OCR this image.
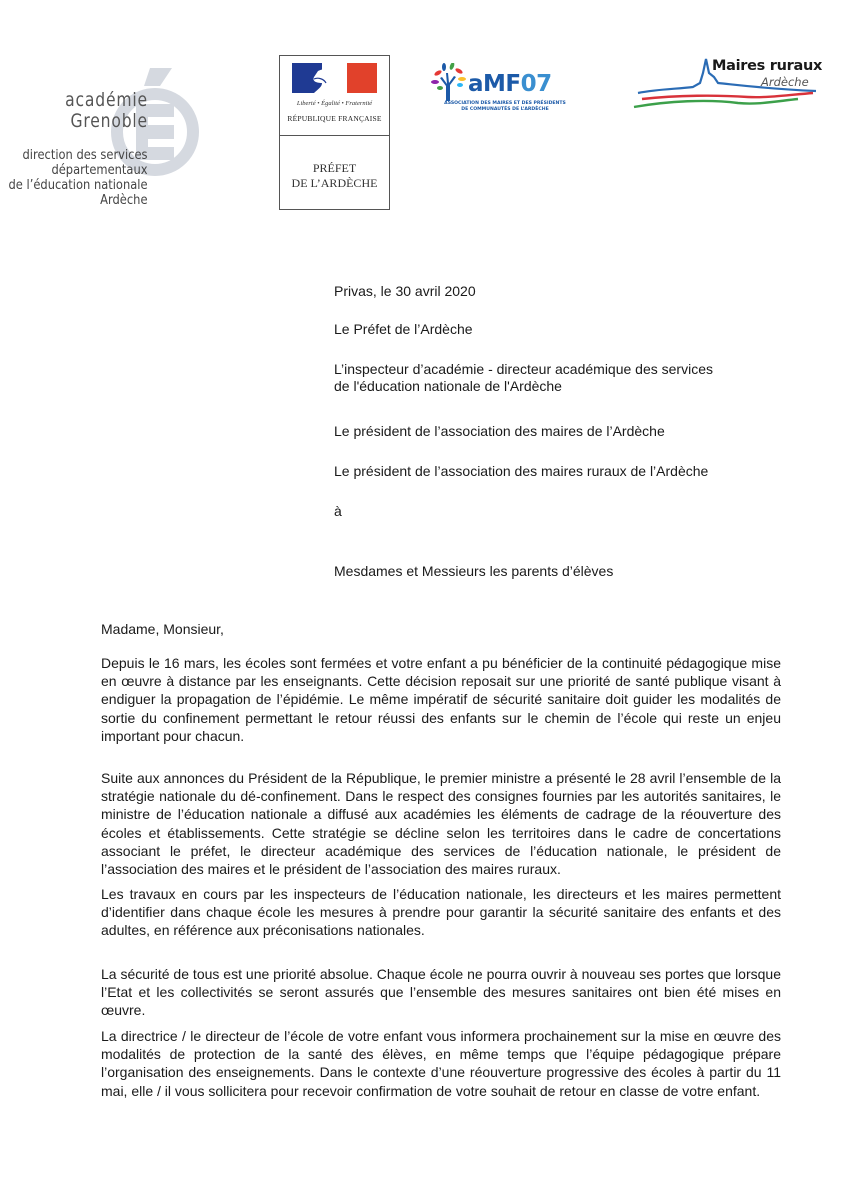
académie
Grenoble
direction des services
départementaux
de l’éducation nationale
Ardèche
Liberté • Égalité • Fraternité
RÉPUBLIQUE FRANÇAISE
PRÉFET
DE L’ARDÈCHE
aMF07
ASSOCIATION DES MAIRES ET DES PRÉSIDENTS
DE COMMUNAUTÉS DE L’ARDÈCHE
Maires ruraux
Ardèche

Privas, le 30 avril 2020

Le Préfet de l’Ardèche

L’inspecteur d’académie - directeur académique des services de l'éducation nationale de l'Ardèche

Le président de l’association des maires de l’Ardèche

Le président de l’association des maires ruraux de l’Ardèche

à

Mesdames et Messieurs les parents d’élèves

Madame, Monsieur,

Depuis le 16 mars, les écoles sont fermées et votre enfant a pu bénéficier de la continuité pédagogique mise en œuvre à distance par les enseignants. Cette décision reposait sur une priorité de santé publique visant à endiguer la propagation de l’épidémie. Le même impératif de sécurité sanitaire doit guider les modalités de sortie du confinement permettant le retour réussi des enfants sur le chemin de l’école qui reste un enjeu important pour chacun.

Suite aux annonces du Président de la République, le premier ministre a présenté le 28 avril l’ensemble de la stratégie nationale du dé-confinement. Dans le respect des consignes fournies par les autorités sanitaires, le ministre de l’éducation nationale a diffusé aux académies les éléments de cadrage de la réouverture des écoles et établissements. Cette stratégie se décline selon les territoires dans le cadre de concertations associant le préfet, le directeur académique des services de l’éducation nationale, le président de l’association des maires et le président de l’association des maires ruraux.

Les travaux en cours par les inspecteurs de l’éducation nationale, les directeurs et les maires permettent d’identifier dans chaque école les mesures à prendre pour garantir la sécurité sanitaire des enfants et des adultes, en référence aux préconisations nationales.

La sécurité de tous est une priorité absolue. Chaque école ne pourra ouvrir à nouveau ses portes que lorsque l’Etat et les collectivités se seront assurés que l’ensemble des mesures sanitaires ont bien été mises en œuvre.

La directrice / le directeur de l’école de votre enfant vous informera prochainement sur la mise en œuvre des modalités de protection de la santé des élèves, en même temps que l’équipe pédagogique prépare l’organisation des enseignements. Dans le contexte d’une réouverture progressive des écoles à partir du 11 mai, elle / il vous sollicitera pour recevoir confirmation de votre souhait de retour en classe de votre enfant.
